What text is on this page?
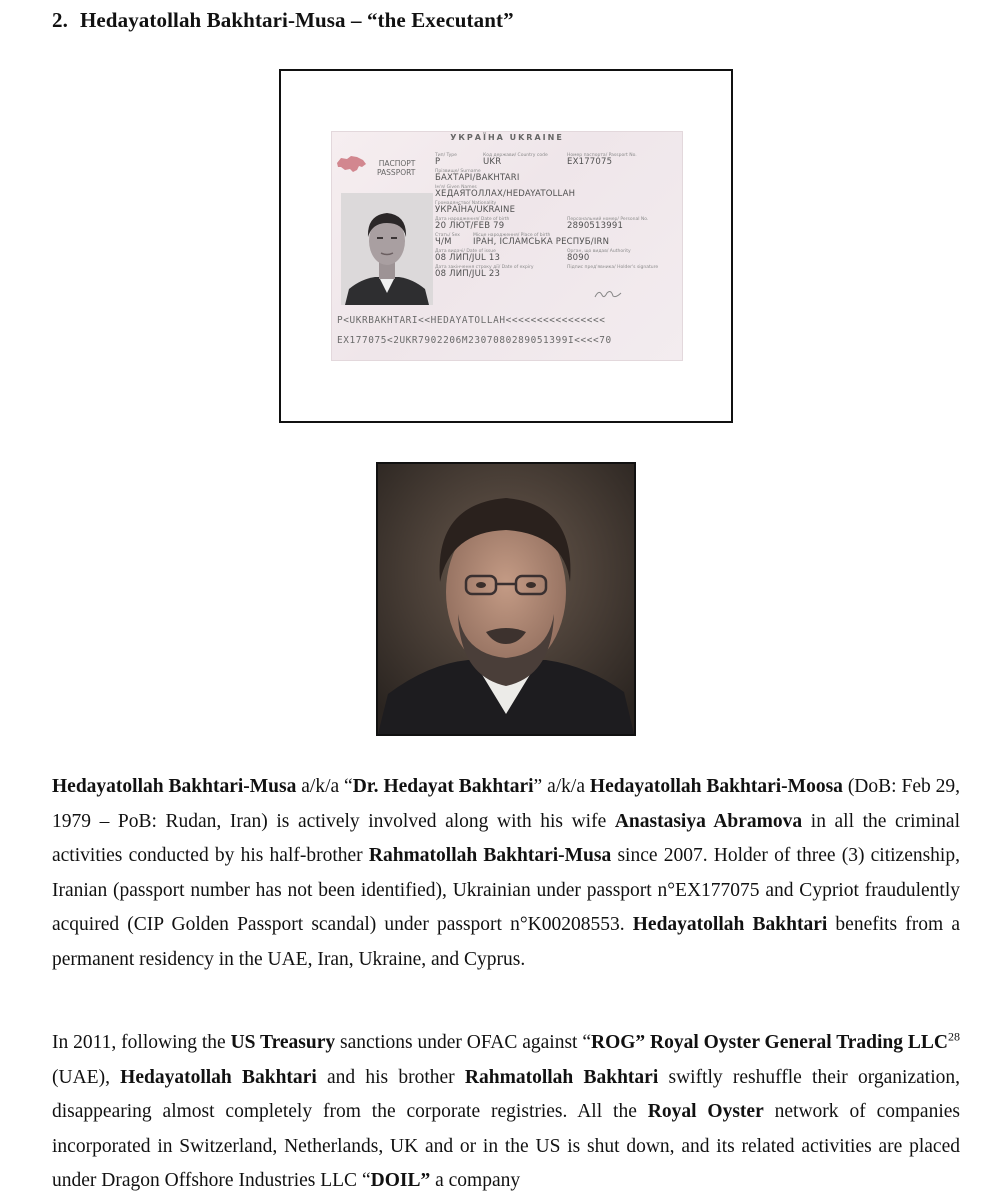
2. Hedayatollah Bakhtari-Musa – “the Executant”
УКРАЇНА UKRAINE
ПАСПОРТ
PASSPORT
Тип/ Type
P
Код держави/ Country code
UKR
Номер паспорта/ Passport No.
EX177075
Прізвище/ Surname
БАХТАРІ/BAKHTARI
Ім'я/ Given Names
ХЕДАЯТОЛЛАХ/HEDAYATOLLAH
Громадянство/ Nationality
УКРАЇНА/UKRAINE
Дата народження/ Date of birth
20 ЛЮТ/FEB 79
Персональний номер/ Personal No.
2890513991
Стать/ Sex
Ч/M
Місце народження/ Place of birth
ІРАН, ІСЛАМСЬКА РЕСПУБ/IRN
Дата видачі/ Date of issue
08 ЛИП/JUL 13
Орган, що видав/ Authority
8090
Дата закінчення строку дії/ Date of expiry
08 ЛИП/JUL 23
Підпис пред'явника/ Holder's signature
P<UKRBAKHTARI<<HEDAYATOLLAH<<<<<<<<<<<<<<<<
EX177075<2UKR7902206M2307080289051399I<<<<70

Hedayatollah Bakhtari-Musa a/k/a “Dr. Hedayat Bakhtari” a/k/a Hedayatollah Bakhtari-Moosa (DoB: Feb 29, 1979 – PoB: Rudan, Iran) is actively involved along with his wife Anastasiya Abramova in all the criminal activities conducted by his half-brother Rahmatollah Bakhtari-Musa since 2007. Holder of three (3) citizenship, Iranian (passport number has not been identified), Ukrainian under passport n°EX177075 and Cypriot fraudulently acquired (CIP Golden Passport scandal) under passport n°K00208553. Hedayatollah Bakhtari benefits from a permanent residency in the UAE, Iran, Ukraine, and Cyprus.

In 2011, following the US Treasury sanctions under OFAC against “ROG” Royal Oyster General Trading LLC$^{28}$ (UAE), Hedayatollah Bakhtari and his brother Rahmatollah Bakhtari swiftly reshuffle their organization, disappearing almost completely from the corporate registries. All the Royal Oyster network of companies incorporated in Switzerland, Netherlands, UK and or in the US is shut down, and its related activities are placed under Dragon Offshore Industries LLC “DOIL” a company
